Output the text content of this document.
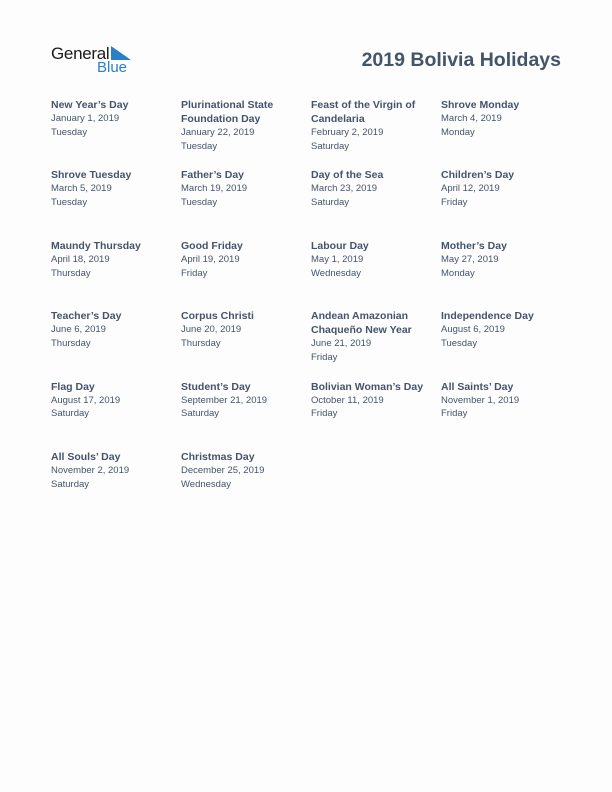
General
Blue	2019 Bolivia Holidays
New Year’s Day
January 1, 2019
Tuesday
Plurinational State Foundation Day
January 22, 2019
Tuesday
Feast of the Virgin of Candelaria
February 2, 2019
Saturday
Shrove Monday
March 4, 2019
Monday
Shrove Tuesday
March 5, 2019
Tuesday
Father’s Day
March 19, 2019
Tuesday
Day of the Sea
March 23, 2019
Saturday
Children’s Day
April 12, 2019
Friday
Maundy Thursday
April 18, 2019
Thursday
Good Friday
April 19, 2019
Friday
Labour Day
May 1, 2019
Wednesday
Mother’s Day
May 27, 2019
Monday
Teacher’s Day
June 6, 2019
Thursday
Corpus Christi
June 20, 2019
Thursday
Andean Amazonian Chaqueño New Year
June 21, 2019
Friday
Independence Day
August 6, 2019
Tuesday
Flag Day
August 17, 2019
Saturday
Student’s Day
September 21, 2019
Saturday
Bolivian Woman’s Day
October 11, 2019
Friday
All Saints’ Day
November 1, 2019
Friday
All Souls’ Day
November 2, 2019
Saturday
Christmas Day
December 25, 2019
Wednesday
